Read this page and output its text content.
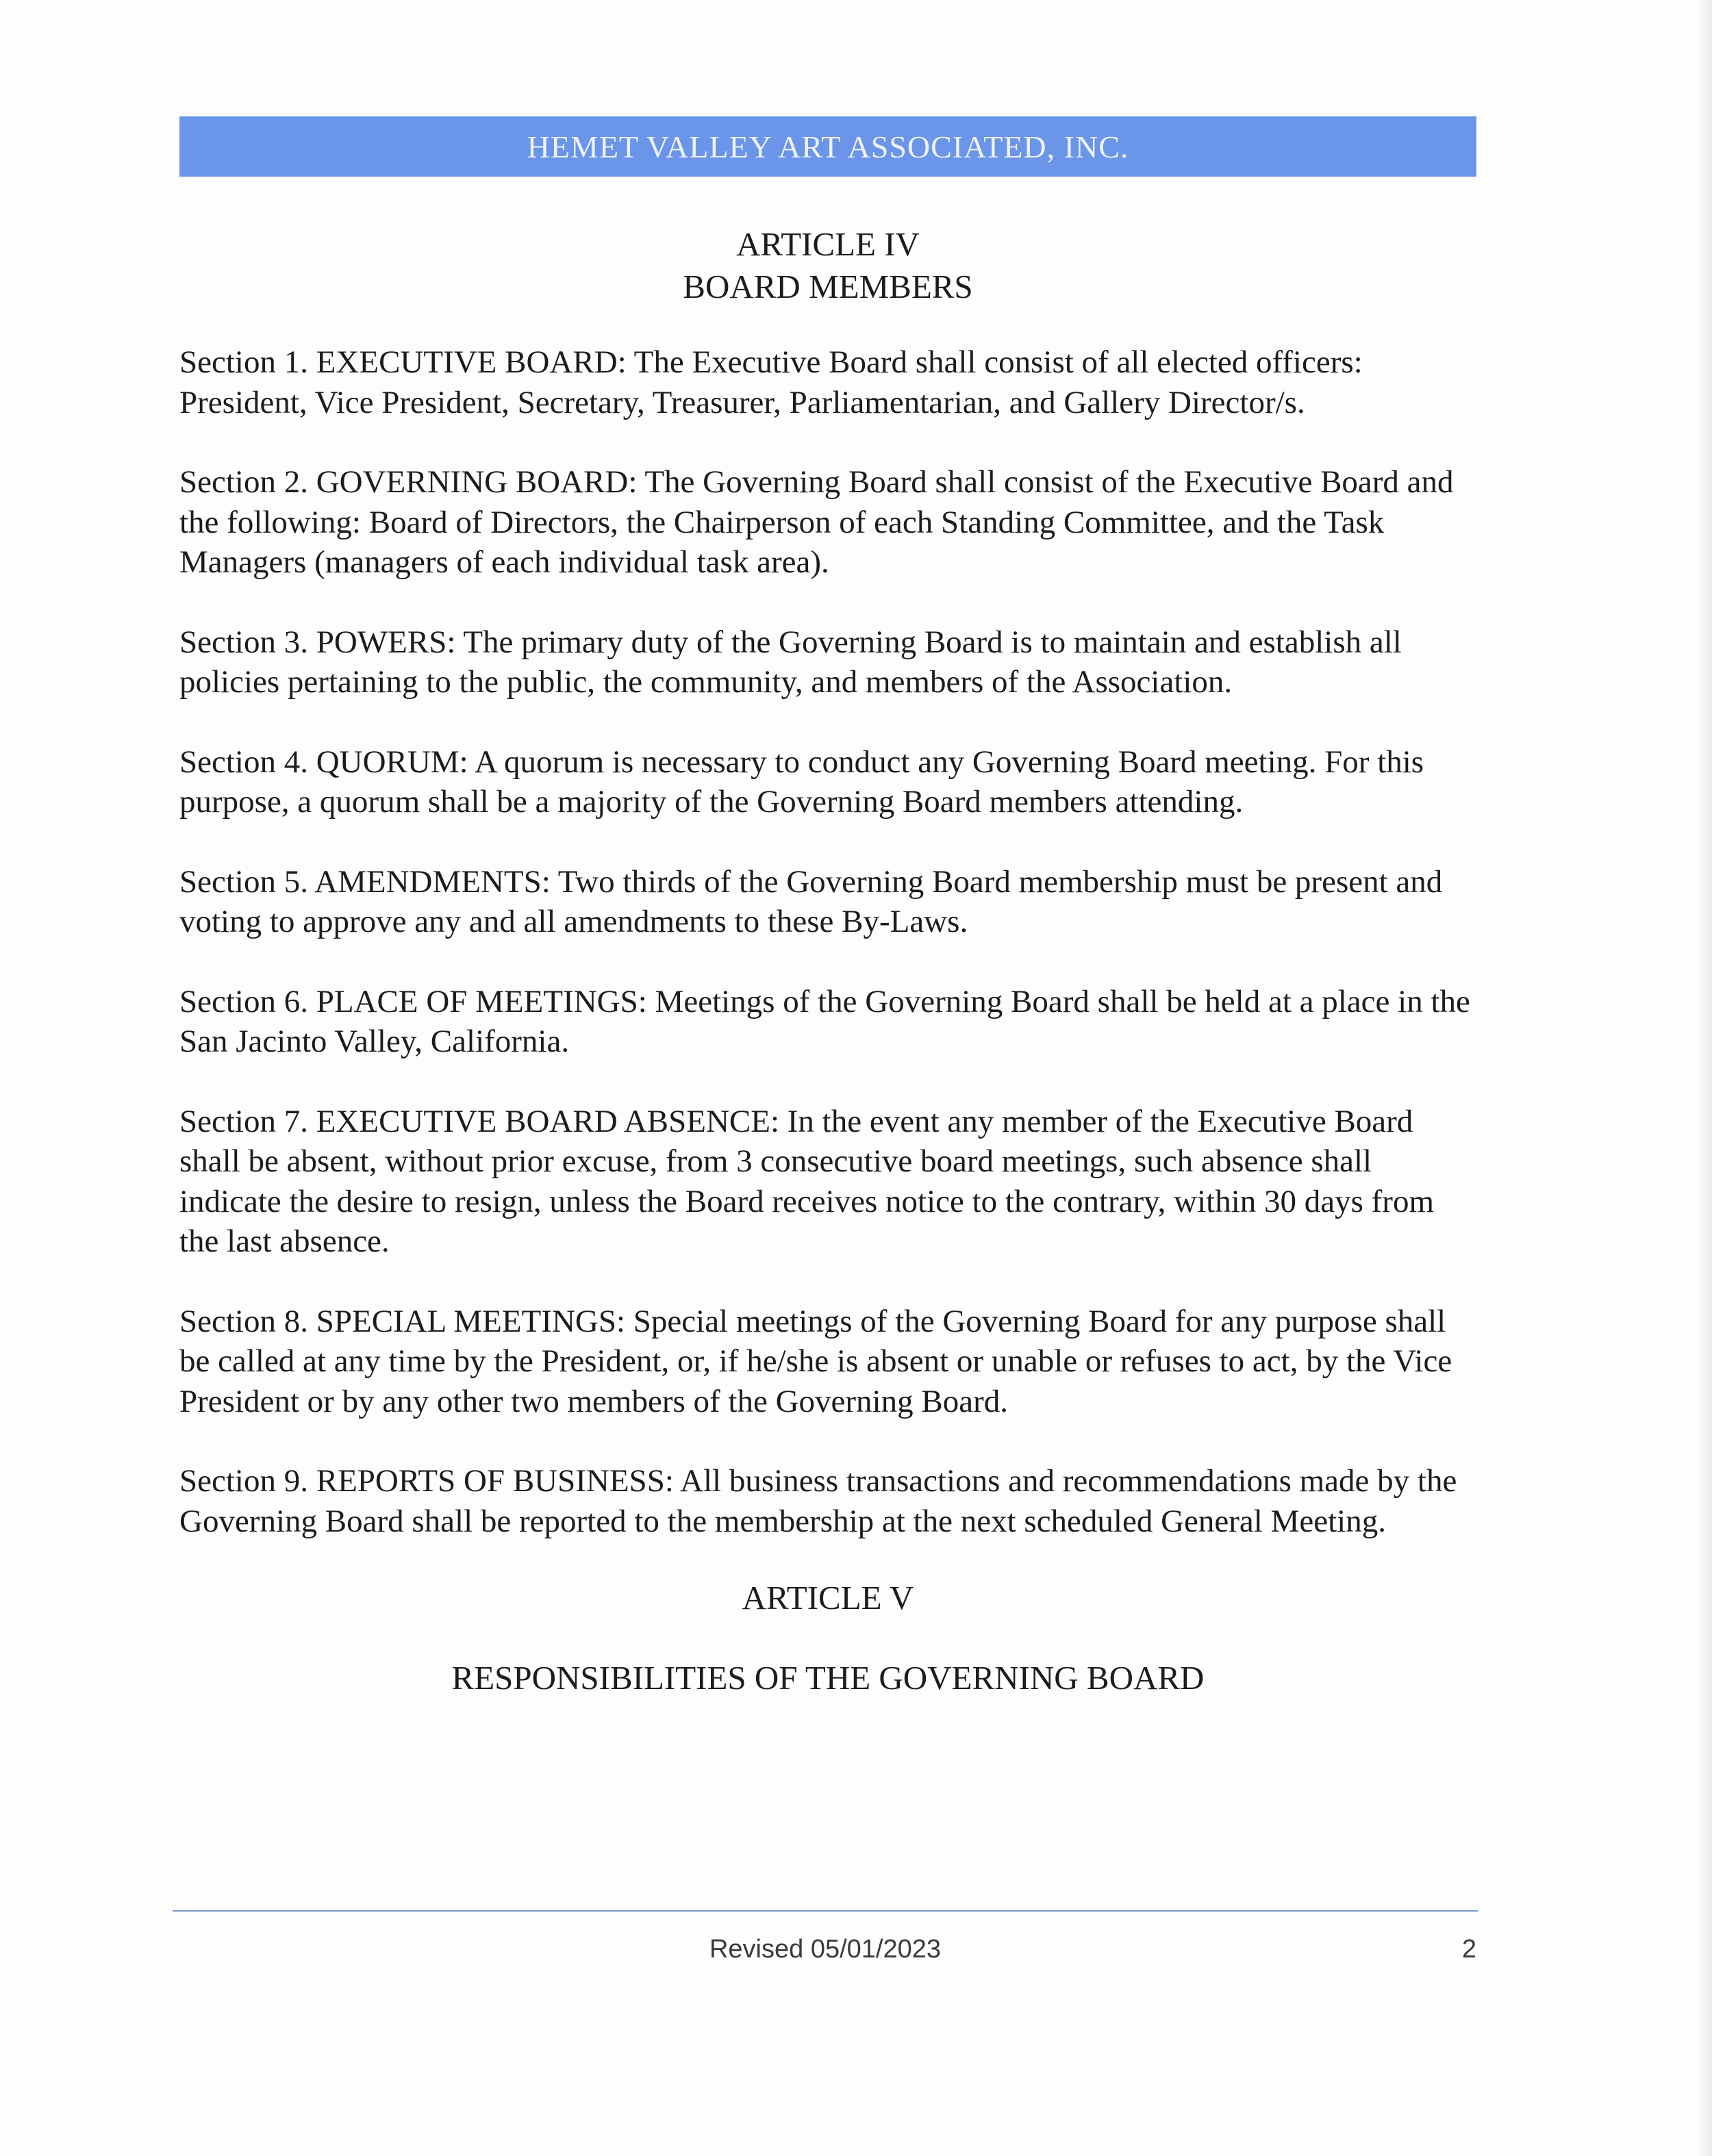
HEMET VALLEY ART ASSOCIATED, INC.
ARTICLE IV
BOARD MEMBERS

Section 1. EXECUTIVE BOARD: The Executive Board shall consist of all elected officers: President, Vice President, Secretary, Treasurer, Parliamentarian, and Gallery Director/s.

Section 2. GOVERNING BOARD: The Governing Board shall consist of the Executive Board and the following: Board of Directors, the Chairperson of each Standing Committee, and the Task Managers (managers of each individual task area).

Section 3. POWERS: The primary duty of the Governing Board is to maintain and establish all policies pertaining to the public, the community, and members of the Association.

Section 4. QUORUM: A quorum is necessary to conduct any Governing Board meeting. For this purpose, a quorum shall be a majority of the Governing Board members attending.

Section 5. AMENDMENTS: Two thirds of the Governing Board membership must be present and voting to approve any and all amendments to these By-Laws.

Section 6. PLACE OF MEETINGS: Meetings of the Governing Board shall be held at a place in the San Jacinto Valley, California.

Section 7. EXECUTIVE BOARD ABSENCE: In the event any member of the Executive Board shall be absent, without prior excuse, from 3 consecutive board meetings, such absence shall indicate the desire to resign, unless the Board receives notice to the contrary, within 30 days from the last absence.

Section 8. SPECIAL MEETINGS: Special meetings of the Governing Board for any purpose shall be called at any time by the President, or, if he/she is absent or unable or refuses to act, by the Vice President or by any other two members of the Governing Board.

Section 9. REPORTS OF BUSINESS: All business transactions and recommendations made by the Governing Board shall be reported to the membership at the next scheduled General Meeting.

ARTICLE V
RESPONSIBILITIES OF THE GOVERNING BOARD
Revised 05/01/2023	2
